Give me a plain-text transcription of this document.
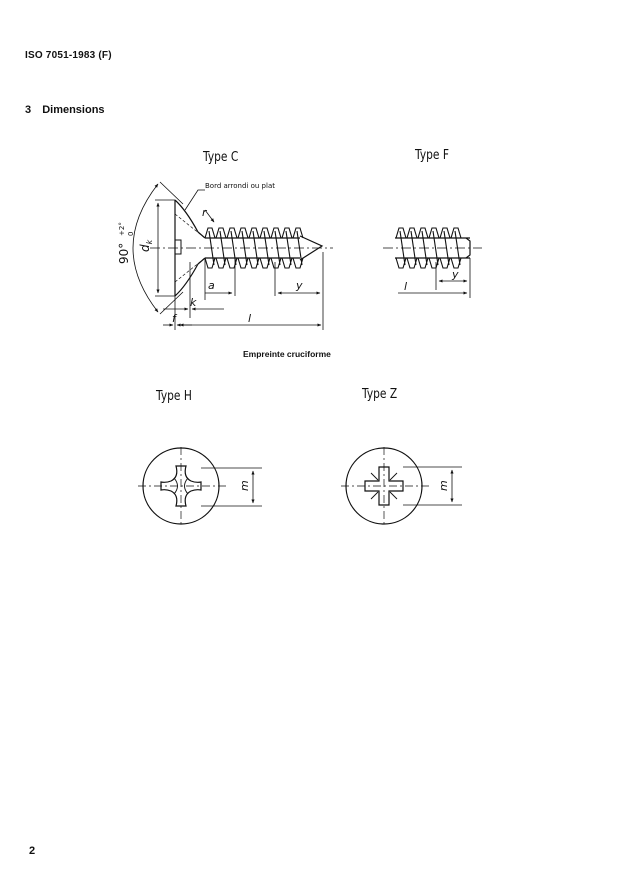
ISO 7051-1983 (F)
3 Dimensions
Type C	Type F
Empreinte cruciforme
Type H	Type Z
Bord arrondi ou plat
$d_k$
90°
+2° 0
r
a	y
k
f	l
y
l
m	m
2
